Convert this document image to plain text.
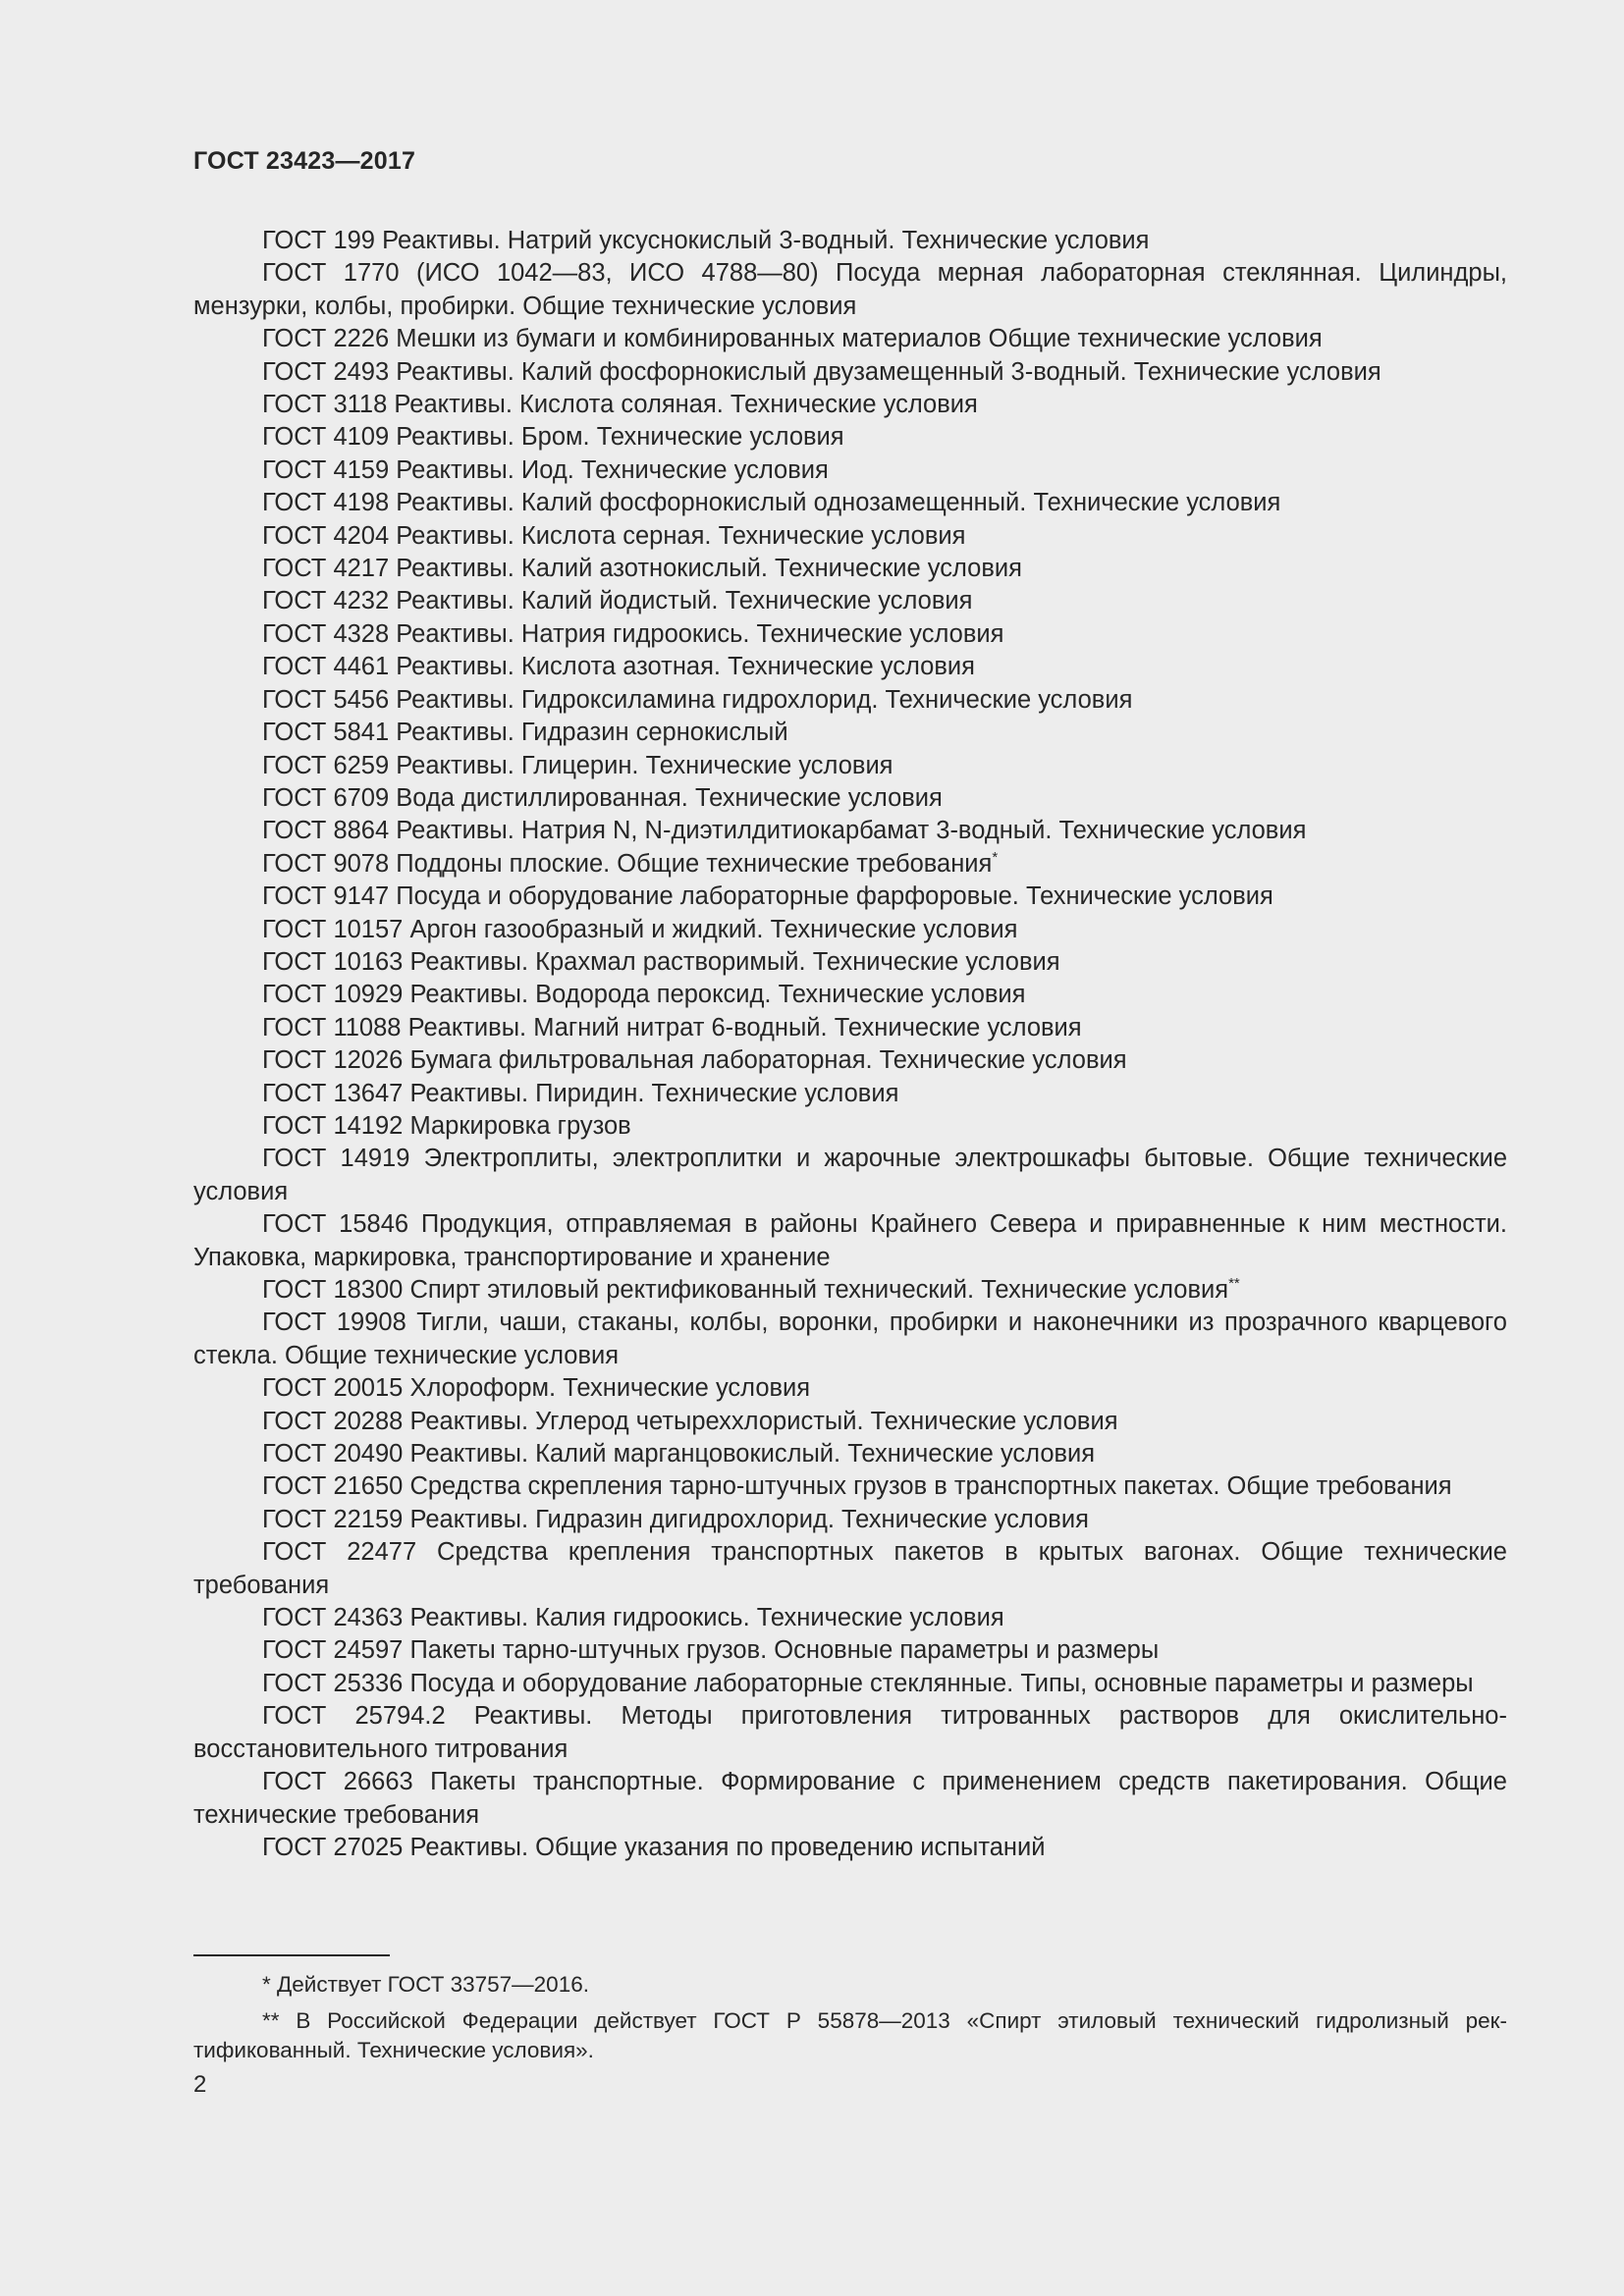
ГОСТ 23423—2017

ГОСТ 199 Реактивы. Натрий уксуснокислый 3-водный. Технические условия

ГОСТ 1770 (ИСО 1042—83, ИСО 4788—80) Посуда мерная лабораторная стеклянная. Цилиндры, мензурки, колбы, пробирки. Общие технические условия

ГОСТ 2226 Мешки из бумаги и комбинированных материалов Общие технические условия

ГОСТ 2493 Реактивы. Калий фосфорнокислый двузамещенный 3-водный. Технические условия

ГОСТ 3118 Реактивы. Кислота соляная. Технические условия

ГОСТ 4109 Реактивы. Бром. Технические условия

ГОСТ 4159 Реактивы. Иод. Технические условия

ГОСТ 4198 Реактивы. Калий фосфорнокислый однозамещенный. Технические условия

ГОСТ 4204 Реактивы. Кислота серная. Технические условия

ГОСТ 4217 Реактивы. Калий азотнокислый. Технические условия

ГОСТ 4232 Реактивы. Калий йодистый. Технические условия

ГОСТ 4328 Реактивы. Натрия гидроокись. Технические условия

ГОСТ 4461 Реактивы. Кислота азотная. Технические условия

ГОСТ 5456 Реактивы. Гидроксиламина гидрохлорид. Технические условия

ГОСТ 5841 Реактивы. Гидразин сернокислый

ГОСТ 6259 Реактивы. Глицерин. Технические условия

ГОСТ 6709 Вода дистиллированная. Технические условия

ГОСТ 8864 Реактивы. Натрия N, N-диэтилдитиокарбамат 3-водный. Технические условия

ГОСТ 9078 Поддоны плоские. Общие технические требования*

ГОСТ 9147 Посуда и оборудование лабораторные фарфоровые. Технические условия

ГОСТ 10157 Аргон газообразный и жидкий. Технические условия

ГОСТ 10163 Реактивы. Крахмал растворимый. Технические условия

ГОСТ 10929 Реактивы. Водорода пероксид. Технические условия

ГОСТ 11088 Реактивы. Магний нитрат 6-водный. Технические условия

ГОСТ 12026 Бумага фильтровальная лабораторная. Технические условия

ГОСТ 13647 Реактивы. Пиридин. Технические условия

ГОСТ 14192 Маркировка грузов

ГОСТ 14919 Электроплиты, электроплитки и жарочные электрошкафы бытовые. Общие технические условия

ГОСТ 15846 Продукция, отправляемая в районы Крайнего Севера и приравненные к ним местности. Упаковка, маркировка, транспортирование и хранение

ГОСТ 18300 Спирт этиловый ректификованный технический. Технические условия**

ГОСТ 19908 Тигли, чаши, стаканы, колбы, воронки, пробирки и наконечники из прозрачного кварцевого стекла. Общие технические условия

ГОСТ 20015 Хлороформ. Технические условия

ГОСТ 20288 Реактивы. Углерод четыреххлористый. Технические условия

ГОСТ 20490 Реактивы. Калий марганцовокислый. Технические условия

ГОСТ 21650 Средства скрепления тарно-штучных грузов в транспортных пакетах. Общие требования

ГОСТ 22159 Реактивы. Гидразин дигидрохлорид. Технические условия

ГОСТ 22477 Средства крепления транспортных пакетов в крытых вагонах. Общие технические требования

ГОСТ 24363 Реактивы. Калия гидроокись. Технические условия

ГОСТ 24597 Пакеты тарно-штучных грузов. Основные параметры и размеры

ГОСТ 25336 Посуда и оборудование лабораторные стеклянные. Типы, основные параметры и размеры

ГОСТ 25794.2 Реактивы. Методы приготовления титрованных растворов для окислительно-восстановительного титрования

ГОСТ 26663 Пакеты транспортные. Формирование с применением средств пакетирования. Общие технические требования

ГОСТ 27025 Реактивы. Общие указания по проведению испытаний

* Действует ГОСТ 33757—2016.

** В Российской Федерации действует ГОСТ Р 55878—2013 «Спирт этиловый технический гидролизный рек-тификованный. Технические условия».

2
